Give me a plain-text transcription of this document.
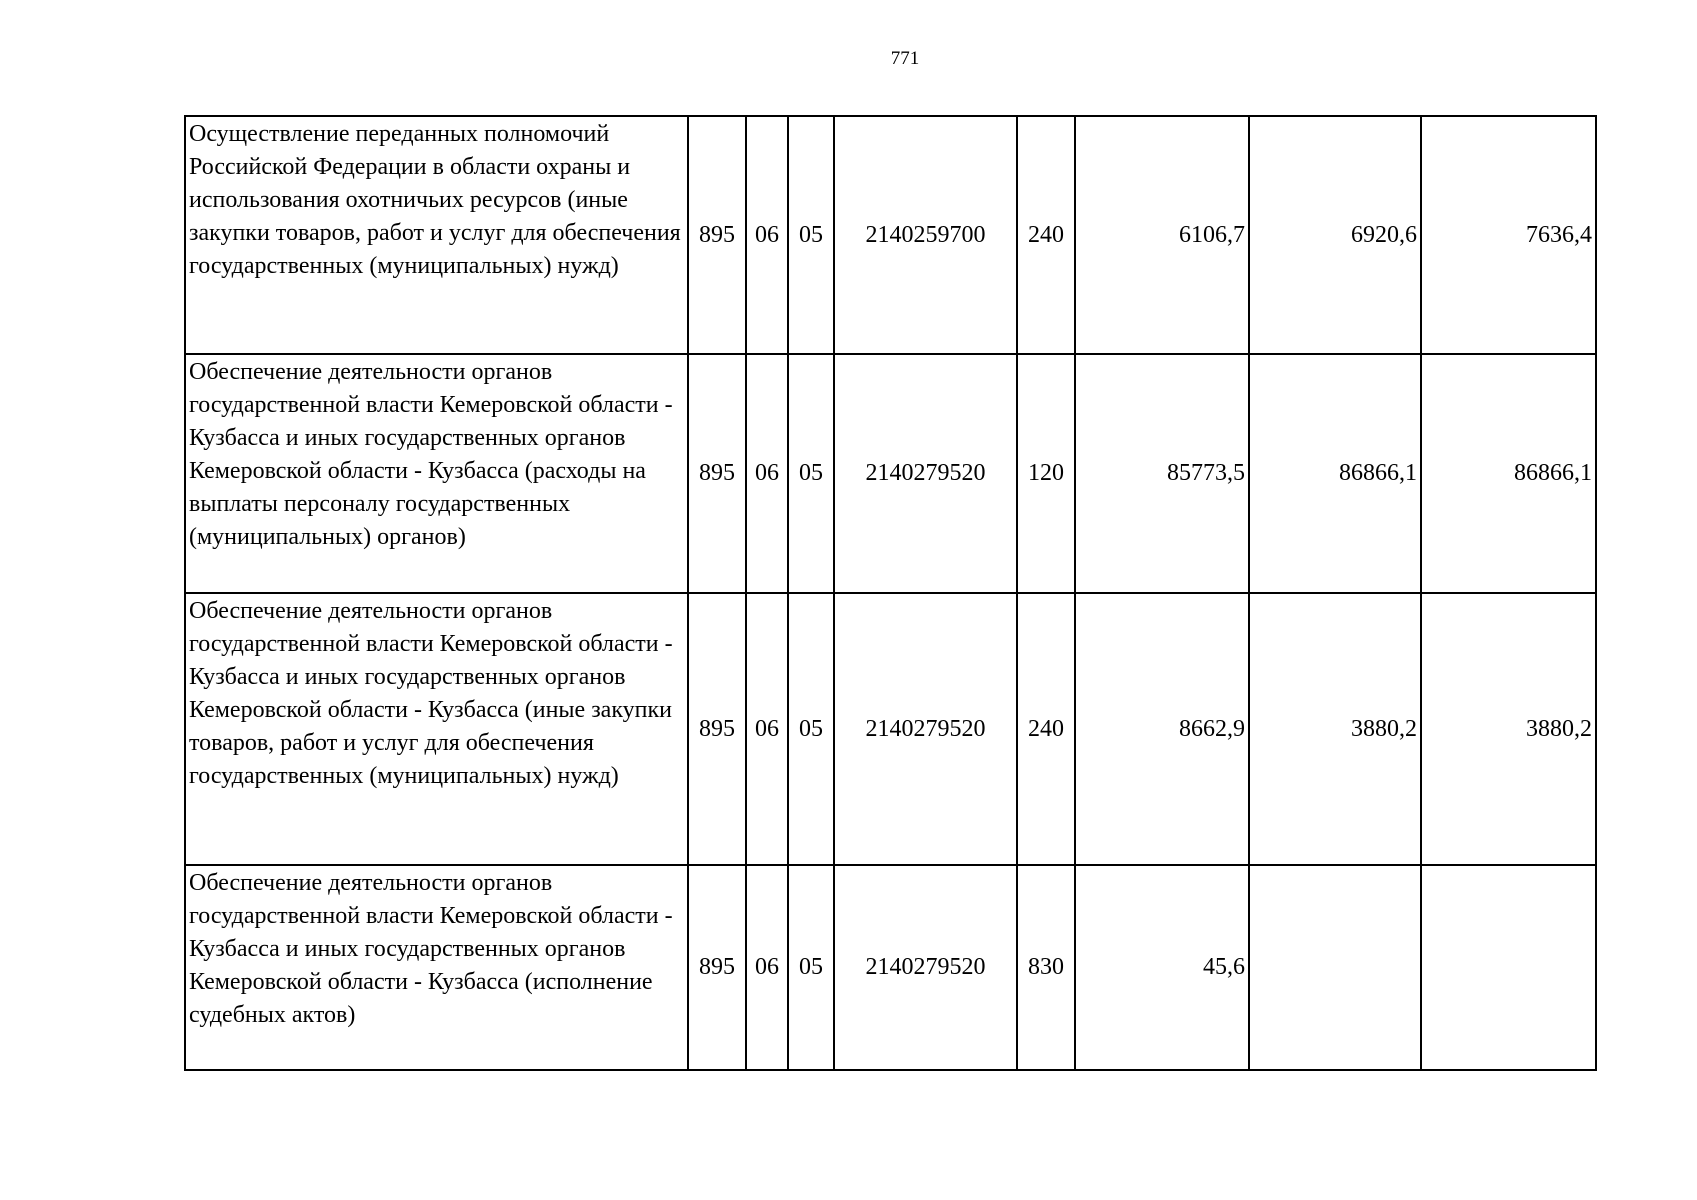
771
Осуществление переданных полномочий Российской Федерации в области охраны и использования охотничьих ресурсов (иные закупки товаров, работ и услуг для обеспечения государственных (муниципальных) нужд)	895	06	05	2140259700	240	6106,7	6920,6	7636,4
Обеспечение деятельности органов государственной власти Кемеровской области - Кузбасса и иных государственных органов Кемеровской области - Кузбасса (расходы на выплаты персоналу государственных (муниципальных) органов)	895	06	05	2140279520	120	85773,5	86866,1	86866,1
Обеспечение деятельности органов государственной власти Кемеровской области - Кузбасса и иных государственных органов Кемеровской области - Кузбасса (иные закупки товаров, работ и услуг для обеспечения государственных (муниципальных) нужд)	895	06	05	2140279520	240	8662,9	3880,2	3880,2
Обеспечение деятельности органов государственной власти Кемеровской области - Кузбасса и иных государственных органов Кемеровской области - Кузбасса (исполнение судебных актов)	895	06	05	2140279520	830	45,6		
